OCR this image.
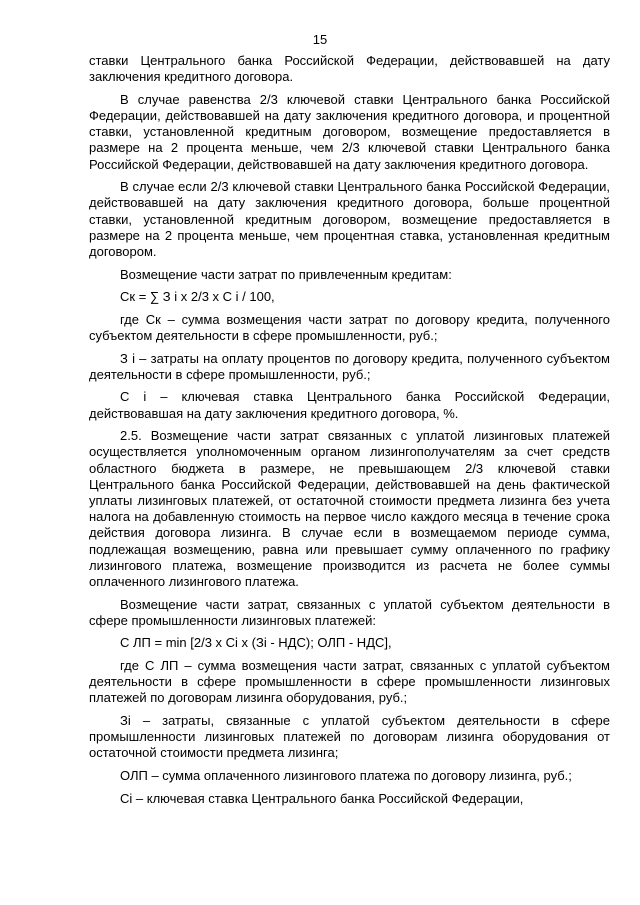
15

ставки Центрального банка Российской Федерации, действовавшей на дату заключения кредитного договора.

В случае равенства 2/3 ключевой ставки Центрального банка Российской Федерации, действовавшей на дату заключения кредитного договора, и процентной ставки, установленной кредитным договором, возмещение предоставляется в размере на 2 процента меньше, чем 2/3 ключевой ставки Центрального банка Российской Федерации, действовавшей на дату заключения кредитного договора.

В случае если 2/3 ключевой ставки Центрального банка Российской Федерации, действовавшей на дату заключения кредитного договора, больше процентной ставки, установленной кредитным договором, возмещение предоставляется в размере на 2 процента меньше, чем процентная ставка, установленная кредитным договором.

Возмещение части затрат по привлеченным кредитам:

Ск = ∑ З i х 2/3 х С i / 100,

где Ск – сумма возмещения части затрат по договору кредита, полученного субъектом деятельности в сфере промышленности, руб.;

З i – затраты на оплату процентов по договору кредита, полученного субъектом деятельности в сфере промышленности, руб.;

С i – ключевая ставка Центрального банка Российской Федерации, действовавшая на дату заключения кредитного договора, %.

2.5. Возмещение части затрат связанных с уплатой лизинговых платежей осуществляется уполномоченным органом лизингополучателям за счет средств областного бюджета в размере, не превышающем 2/3 ключевой ставки Центрального банка Российской Федерации, действовавшей на день фактической уплаты лизинговых платежей, от остаточной стоимости предмета лизинга без учета налога на добавленную стоимость на первое число каждого месяца в течение срока действия договора лизинга. В случае если в возмещаемом периоде сумма, подлежащая возмещению, равна или превышает сумму оплаченного по графику лизингового платежа, возмещение производится из расчета не более суммы оплаченного лизингового платежа.

Возмещение части затрат, связанных с уплатой субъектом деятельности в сфере промышленности лизинговых платежей:

С ЛП = min [2/3 х Ci х (Зi - НДС); ОЛП - НДС],

где С ЛП – сумма возмещения части затрат, связанных с уплатой субъектом деятельности в сфере промышленности в сфере промышленности лизинговых платежей по договорам лизинга оборудования, руб.;

Зi – затраты, связанные с уплатой субъектом деятельности в сфере промышленности лизинговых платежей по договорам лизинга оборудования от остаточной стоимости предмета лизинга;

ОЛП – сумма оплаченного лизингового платежа по договору лизинга, руб.;

Ci – ключевая ставка Центрального банка Российской Федерации,
